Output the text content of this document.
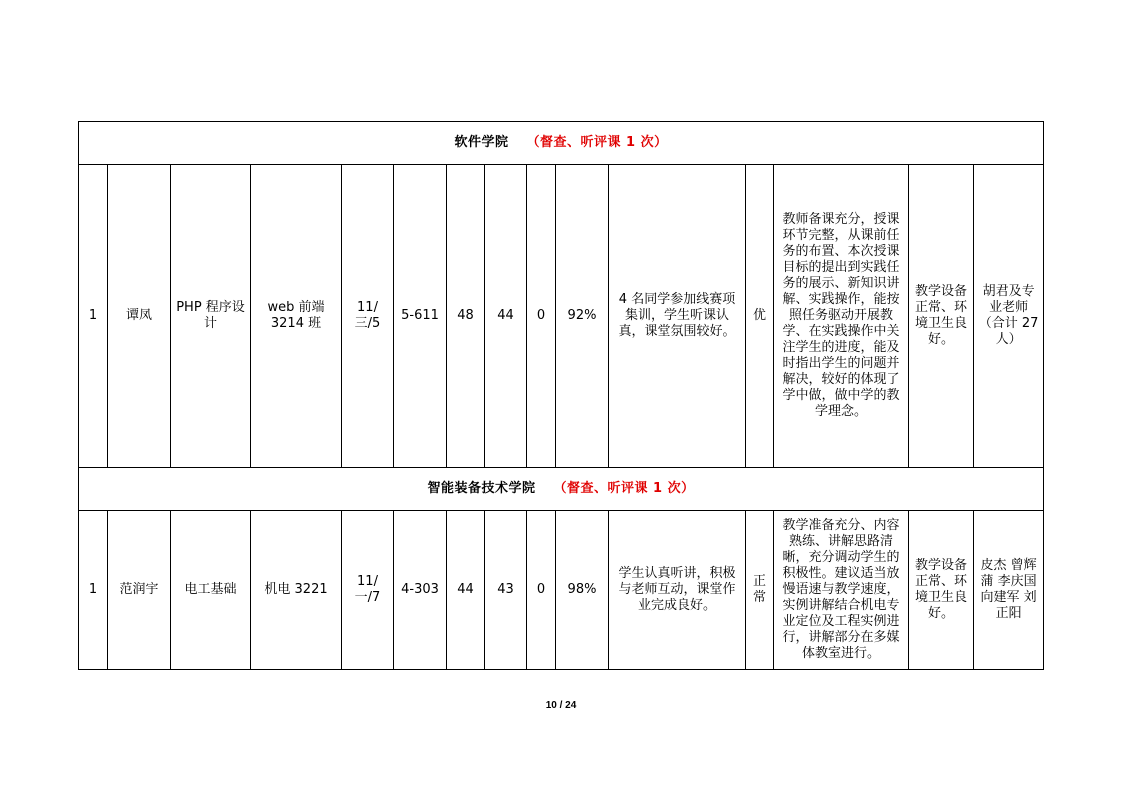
软件学院 （督查、听评课 1 次）														
1	谭凤	PHP 程序设计	web 前端 3214 班	11/三/5	5-611	48	44	0	92%	4 名同学参加线赛项集训，学生听课认真，课堂氛围较好。	优	教师备课充分，授课环节完整，从课前任务的布置、本次授课目标的提出到实践任务的展示、新知识讲解、实践操作，能按照任务驱动开展教学、在实践操作中关注学生的进度，能及时指出学生的问题并解决，较好的体现了学中做，做中学的教学理念。	教学设备正常、环境卫生良好。	胡君及专业老师（合计 27 人）
智能装备技术学院 （督查、听评课 1 次）														
1	范润宇	电工基础	机电 3221	11/一/7	4-303	44	43	0	98%	学生认真听讲，积极与老师互动，课堂作业完成良好。	正常	教学准备充分、内容熟练、讲解思路清晰，充分调动学生的积极性。建议适当放慢语速与教学速度，实例讲解结合机电专业定位及工程实例进行，讲解部分在多媒体教室进行。	教学设备正常、环境卫生良好。	皮杰 曾辉蒲 李庆国 向建军 刘正阳
10 / 24
